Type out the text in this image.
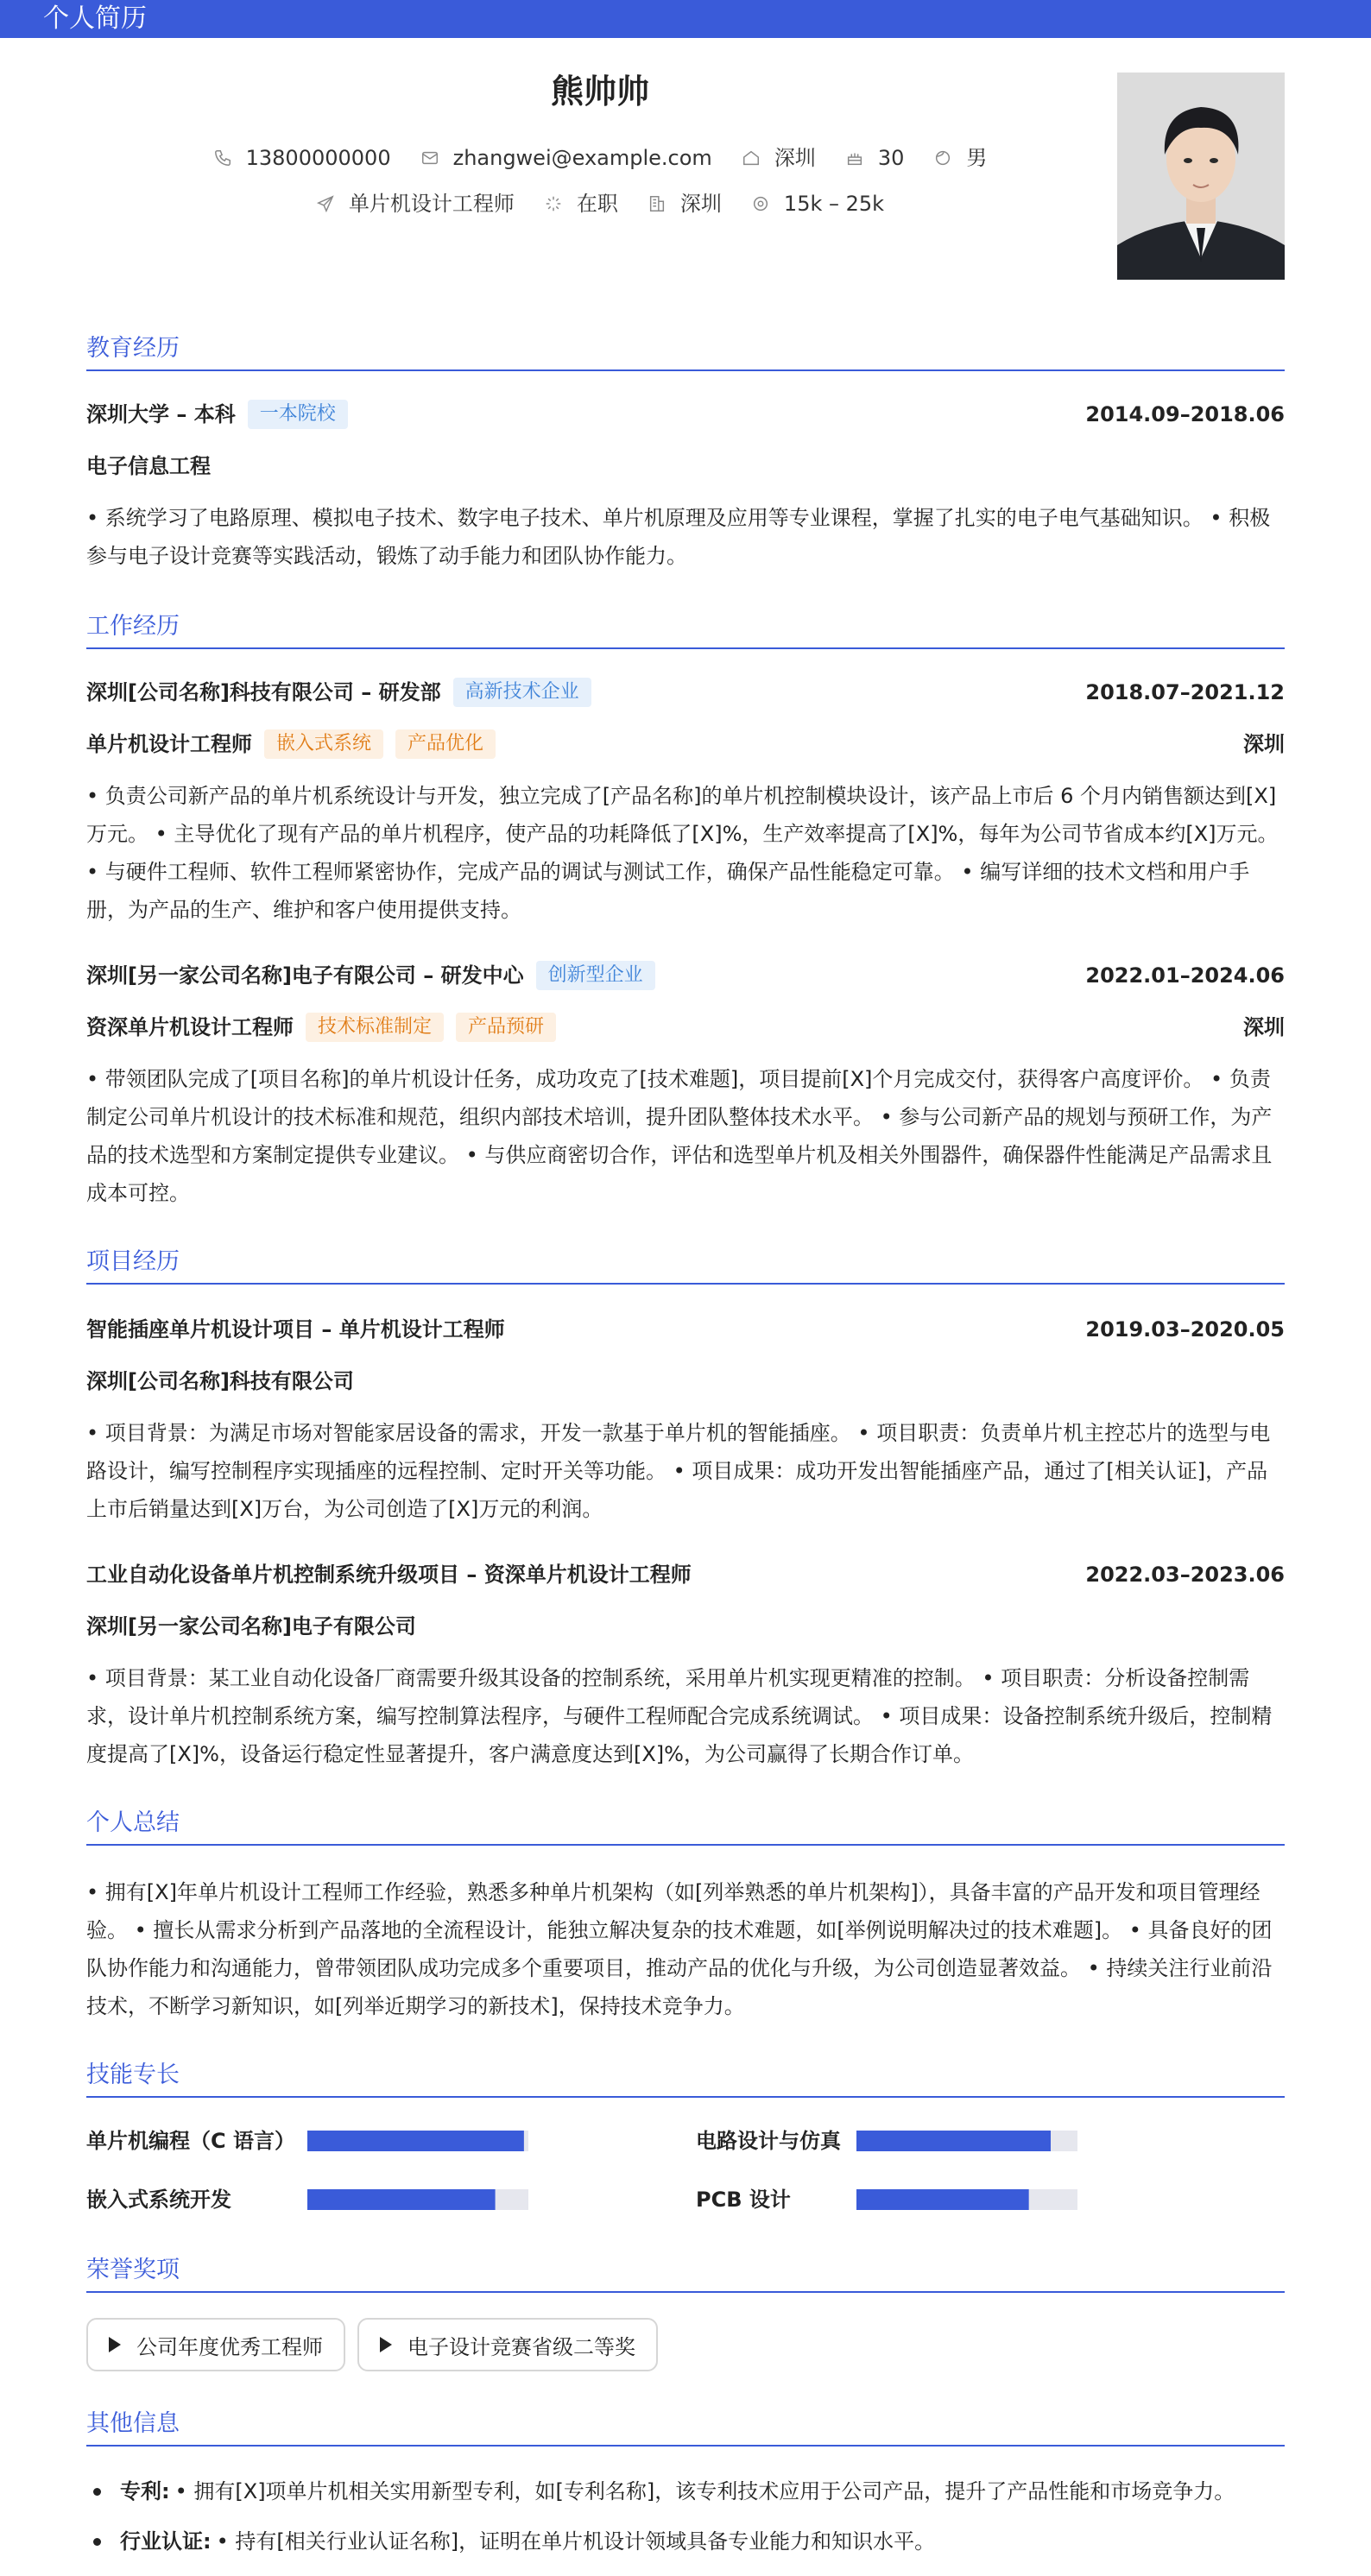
个人简历
熊帅帅
13800000000	zhangwei@example.com	深圳	30	男
单片机设计工程师	在职	深圳	15k – 25k
教育经历
深圳大学 – 本科	一本院校	2014.09–2018.06
电子信息工程
• 系统学习了电路原理、模拟电子技术、数字电子技术、单片机原理及应用等专业课程，掌握了扎实的电子电气基础知识。 • 积极参与电子设计竞赛等实践活动，锻炼了动手能力和团队协作能力。
工作经历
深圳[公司名称]科技有限公司 – 研发部	高新技术企业	2018.07–2021.12
单片机设计工程师	嵌入式系统	产品优化	深圳
• 负责公司新产品的单片机系统设计与开发，独立完成了[产品名称]的单片机控制模块设计，该产品上市后 6 个月内销售额达到[X]万元。 • 主导优化了现有产品的单片机程序，使产品的功耗降低了[X]%，生产效率提高了[X]%，每年为公司节省成本约[X]万元。 • 与硬件工程师、软件工程师紧密协作，完成产品的调试与测试工作，确保产品性能稳定可靠。 • 编写详细的技术文档和用户手册，为产品的生产、维护和客户使用提供支持。
深圳[另一家公司名称]电子有限公司 – 研发中心	创新型企业	2022.01–2024.06
资深单片机设计工程师	技术标准制定	产品预研	深圳
• 带领团队完成了[项目名称]的单片机设计任务，成功攻克了[技术难题]，项目提前[X]个月完成交付，获得客户高度评价。 • 负责制定公司单片机设计的技术标准和规范，组织内部技术培训，提升团队整体技术水平。 • 参与公司新产品的规划与预研工作，为产品的技术选型和方案制定提供专业建议。 • 与供应商密切合作，评估和选型单片机及相关外围器件，确保器件性能满足产品需求且成本可控。
项目经历
智能插座单片机设计项目 – 单片机设计工程师	2019.03–2020.05
深圳[公司名称]科技有限公司
• 项目背景：为满足市场对智能家居设备的需求，开发一款基于单片机的智能插座。 • 项目职责：负责单片机主控芯片的选型与电路设计，编写控制程序实现插座的远程控制、定时开关等功能。 • 项目成果：成功开发出智能插座产品，通过了[相关认证]，产品上市后销量达到[X]万台，为公司创造了[X]万元的利润。
工业自动化设备单片机控制系统升级项目 – 资深单片机设计工程师	2022.03–2023.06
深圳[另一家公司名称]电子有限公司
• 项目背景：某工业自动化设备厂商需要升级其设备的控制系统，采用单片机实现更精准的控制。 • 项目职责：分析设备控制需求，设计单片机控制系统方案，编写控制算法程序，与硬件工程师配合完成系统调试。 • 项目成果：设备控制系统升级后，控制精度提高了[X]%，设备运行稳定性显著提升，客户满意度达到[X]%，为公司赢得了长期合作订单。
个人总结
• 拥有[X]年单片机设计工程师工作经验，熟悉多种单片机架构（如[列举熟悉的单片机架构]），具备丰富的产品开发和项目管理经验。 • 擅长从需求分析到产品落地的全流程设计，能独立解决复杂的技术难题，如[举例说明解决过的技术难题]。 • 具备良好的团队协作能力和沟通能力，曾带领团队成功完成多个重要项目，推动产品的优化与升级，为公司创造显著效益。 • 持续关注行业前沿技术，不断学习新知识，如[列举近期学习的新技术]，保持技术竞争力。
技能专长
单片机编程（C 语言）	电路设计与仿真
嵌入式系统开发	PCB 设计
荣誉奖项
公司年度优秀工程师	电子设计竞赛省级二等奖
其他信息
专利: • 拥有[X]项单片机相关实用新型专利，如[专利名称]，该专利技术应用于公司产品，提升了产品性能和市场竞争力。
行业认证: • 持有[相关行业认证名称]，证明在单片机设计领域具备专业能力和知识水平。
